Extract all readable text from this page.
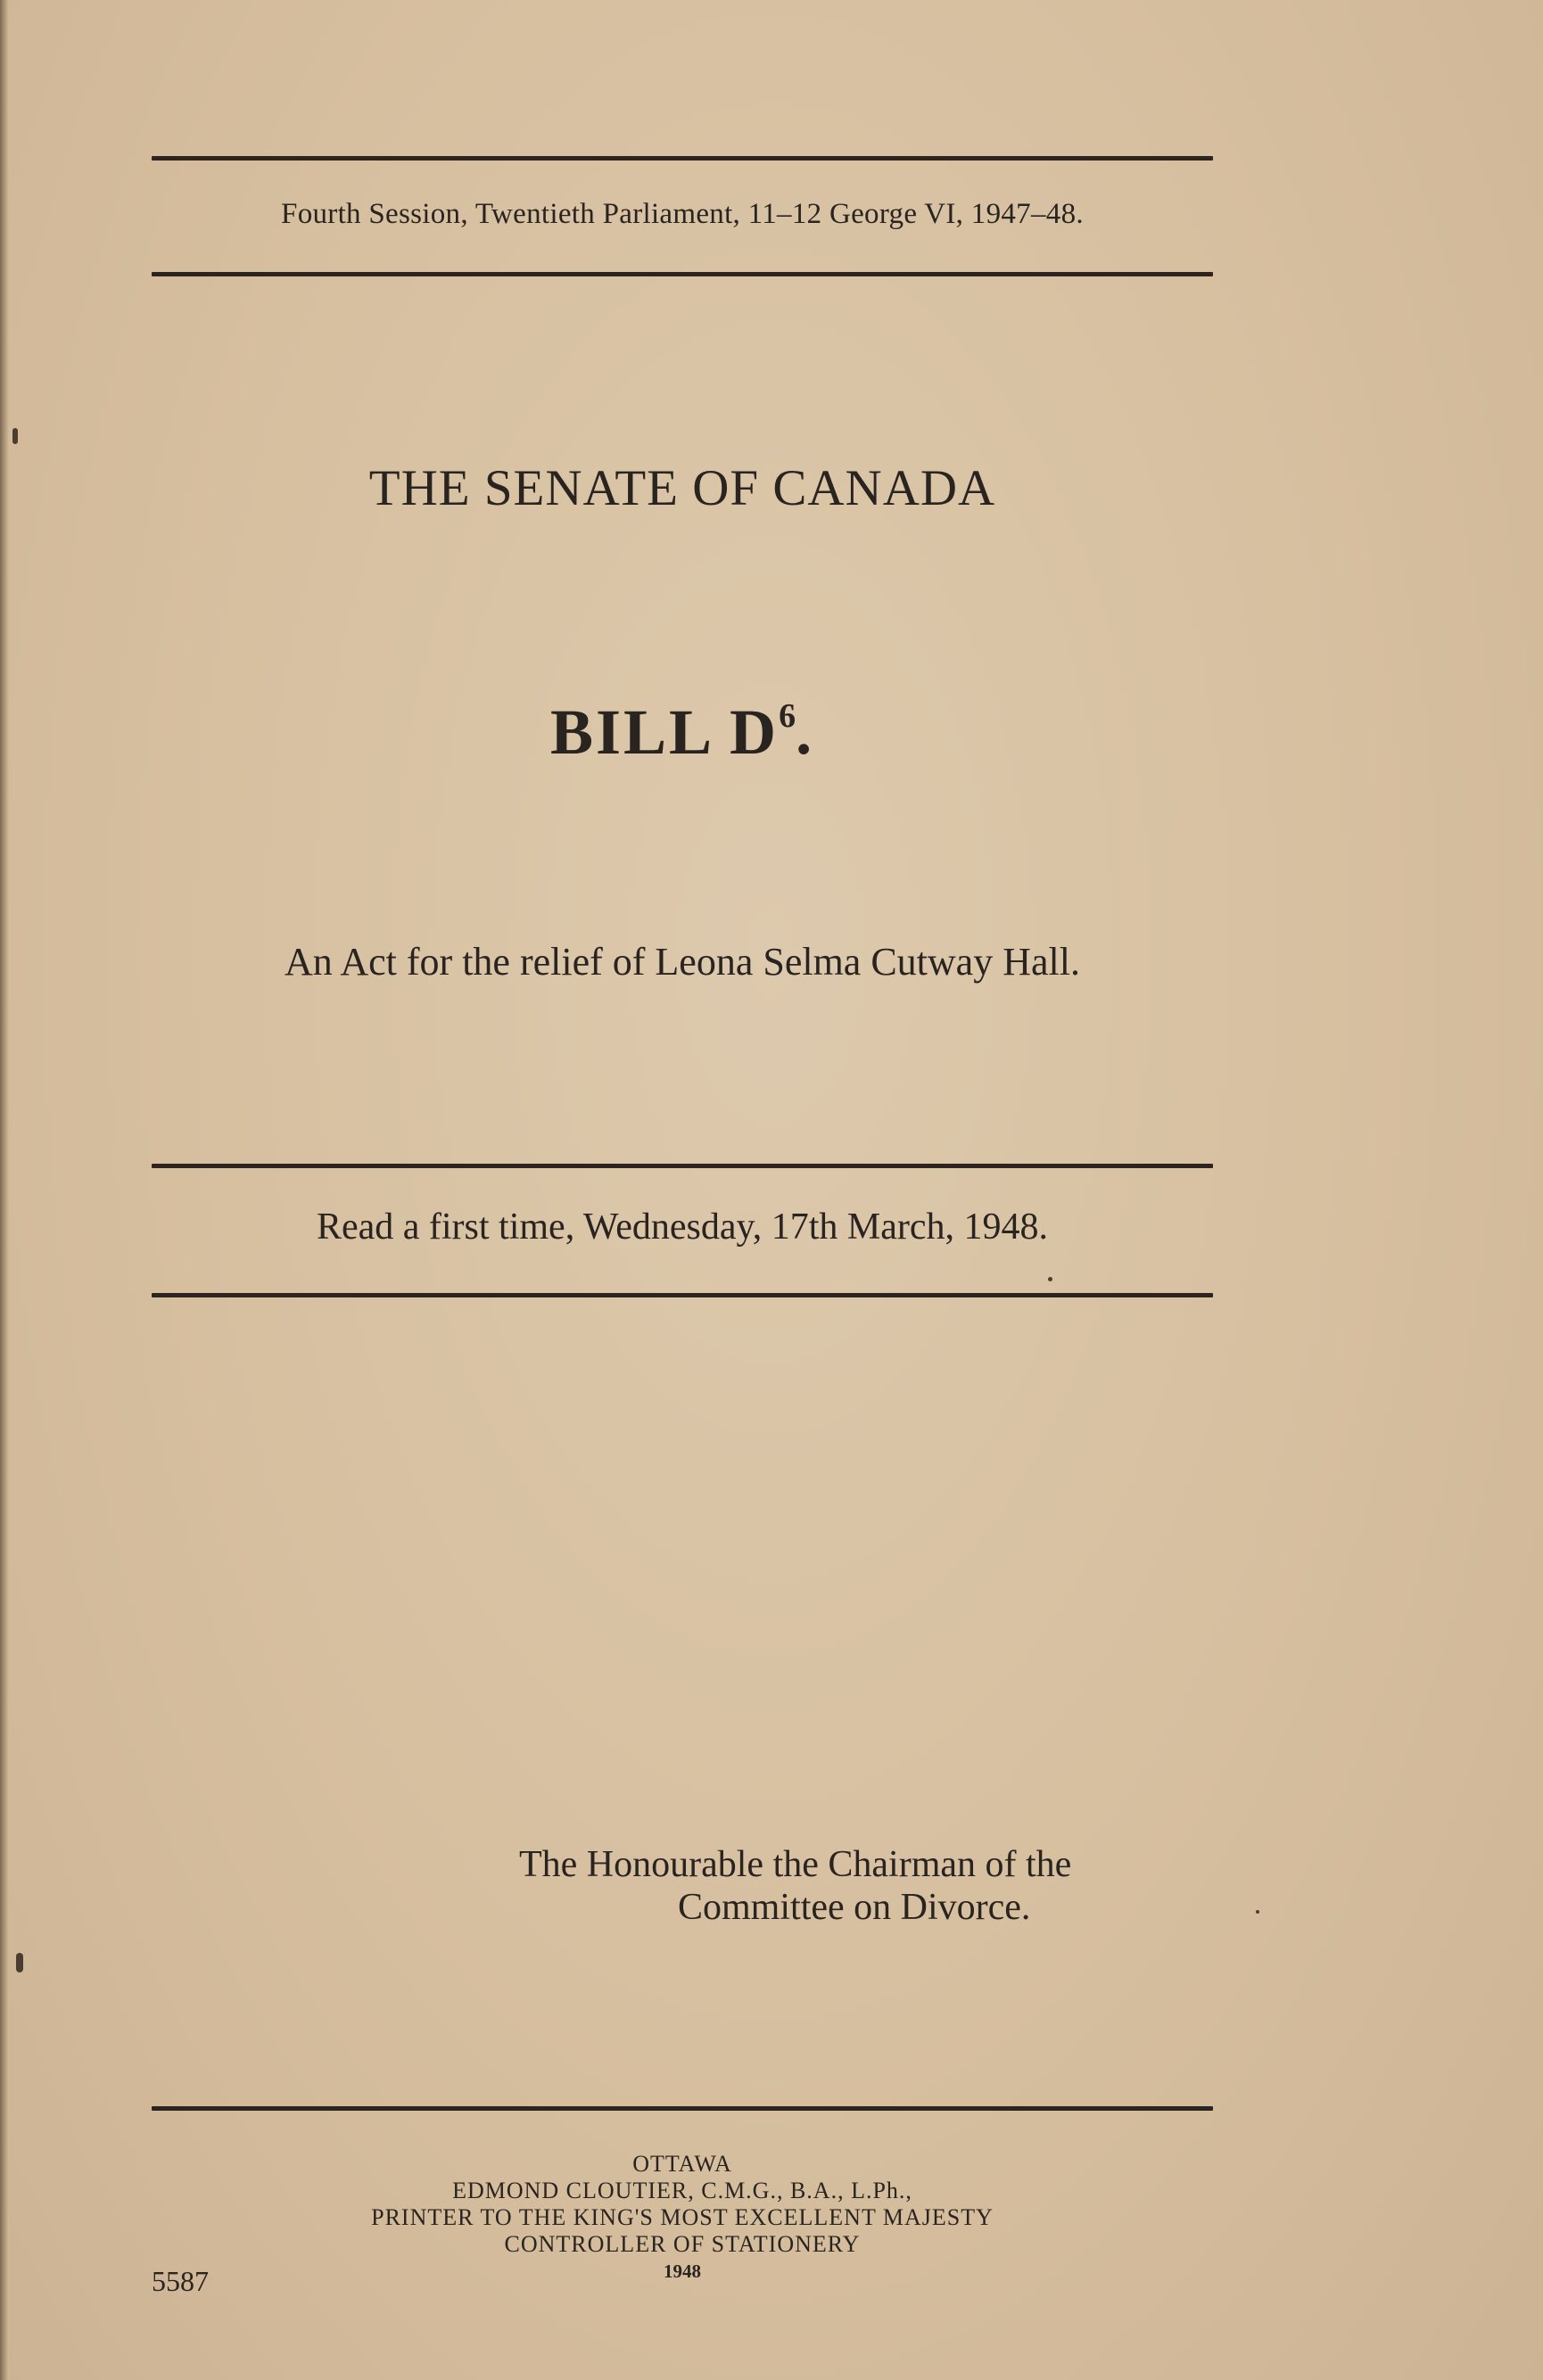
Fourth Session, Twentieth Parliament, 11–12 George VI, 1947–48.
THE SENATE OF CANADA
BILL $D^6$.
An Act for the relief of Leona Selma Cutway Hall.
Read a first time, Wednesday, 17th March, 1948.
The Honourable the Chairman of the
Committee on Divorce.
OTTAWA
EDMOND CLOUTIER, C.M.G., B.A., L.Ph.,
PRINTER TO THE KING'S MOST EXCELLENT MAJESTY
CONTROLLER OF STATIONERY
1948
5587
